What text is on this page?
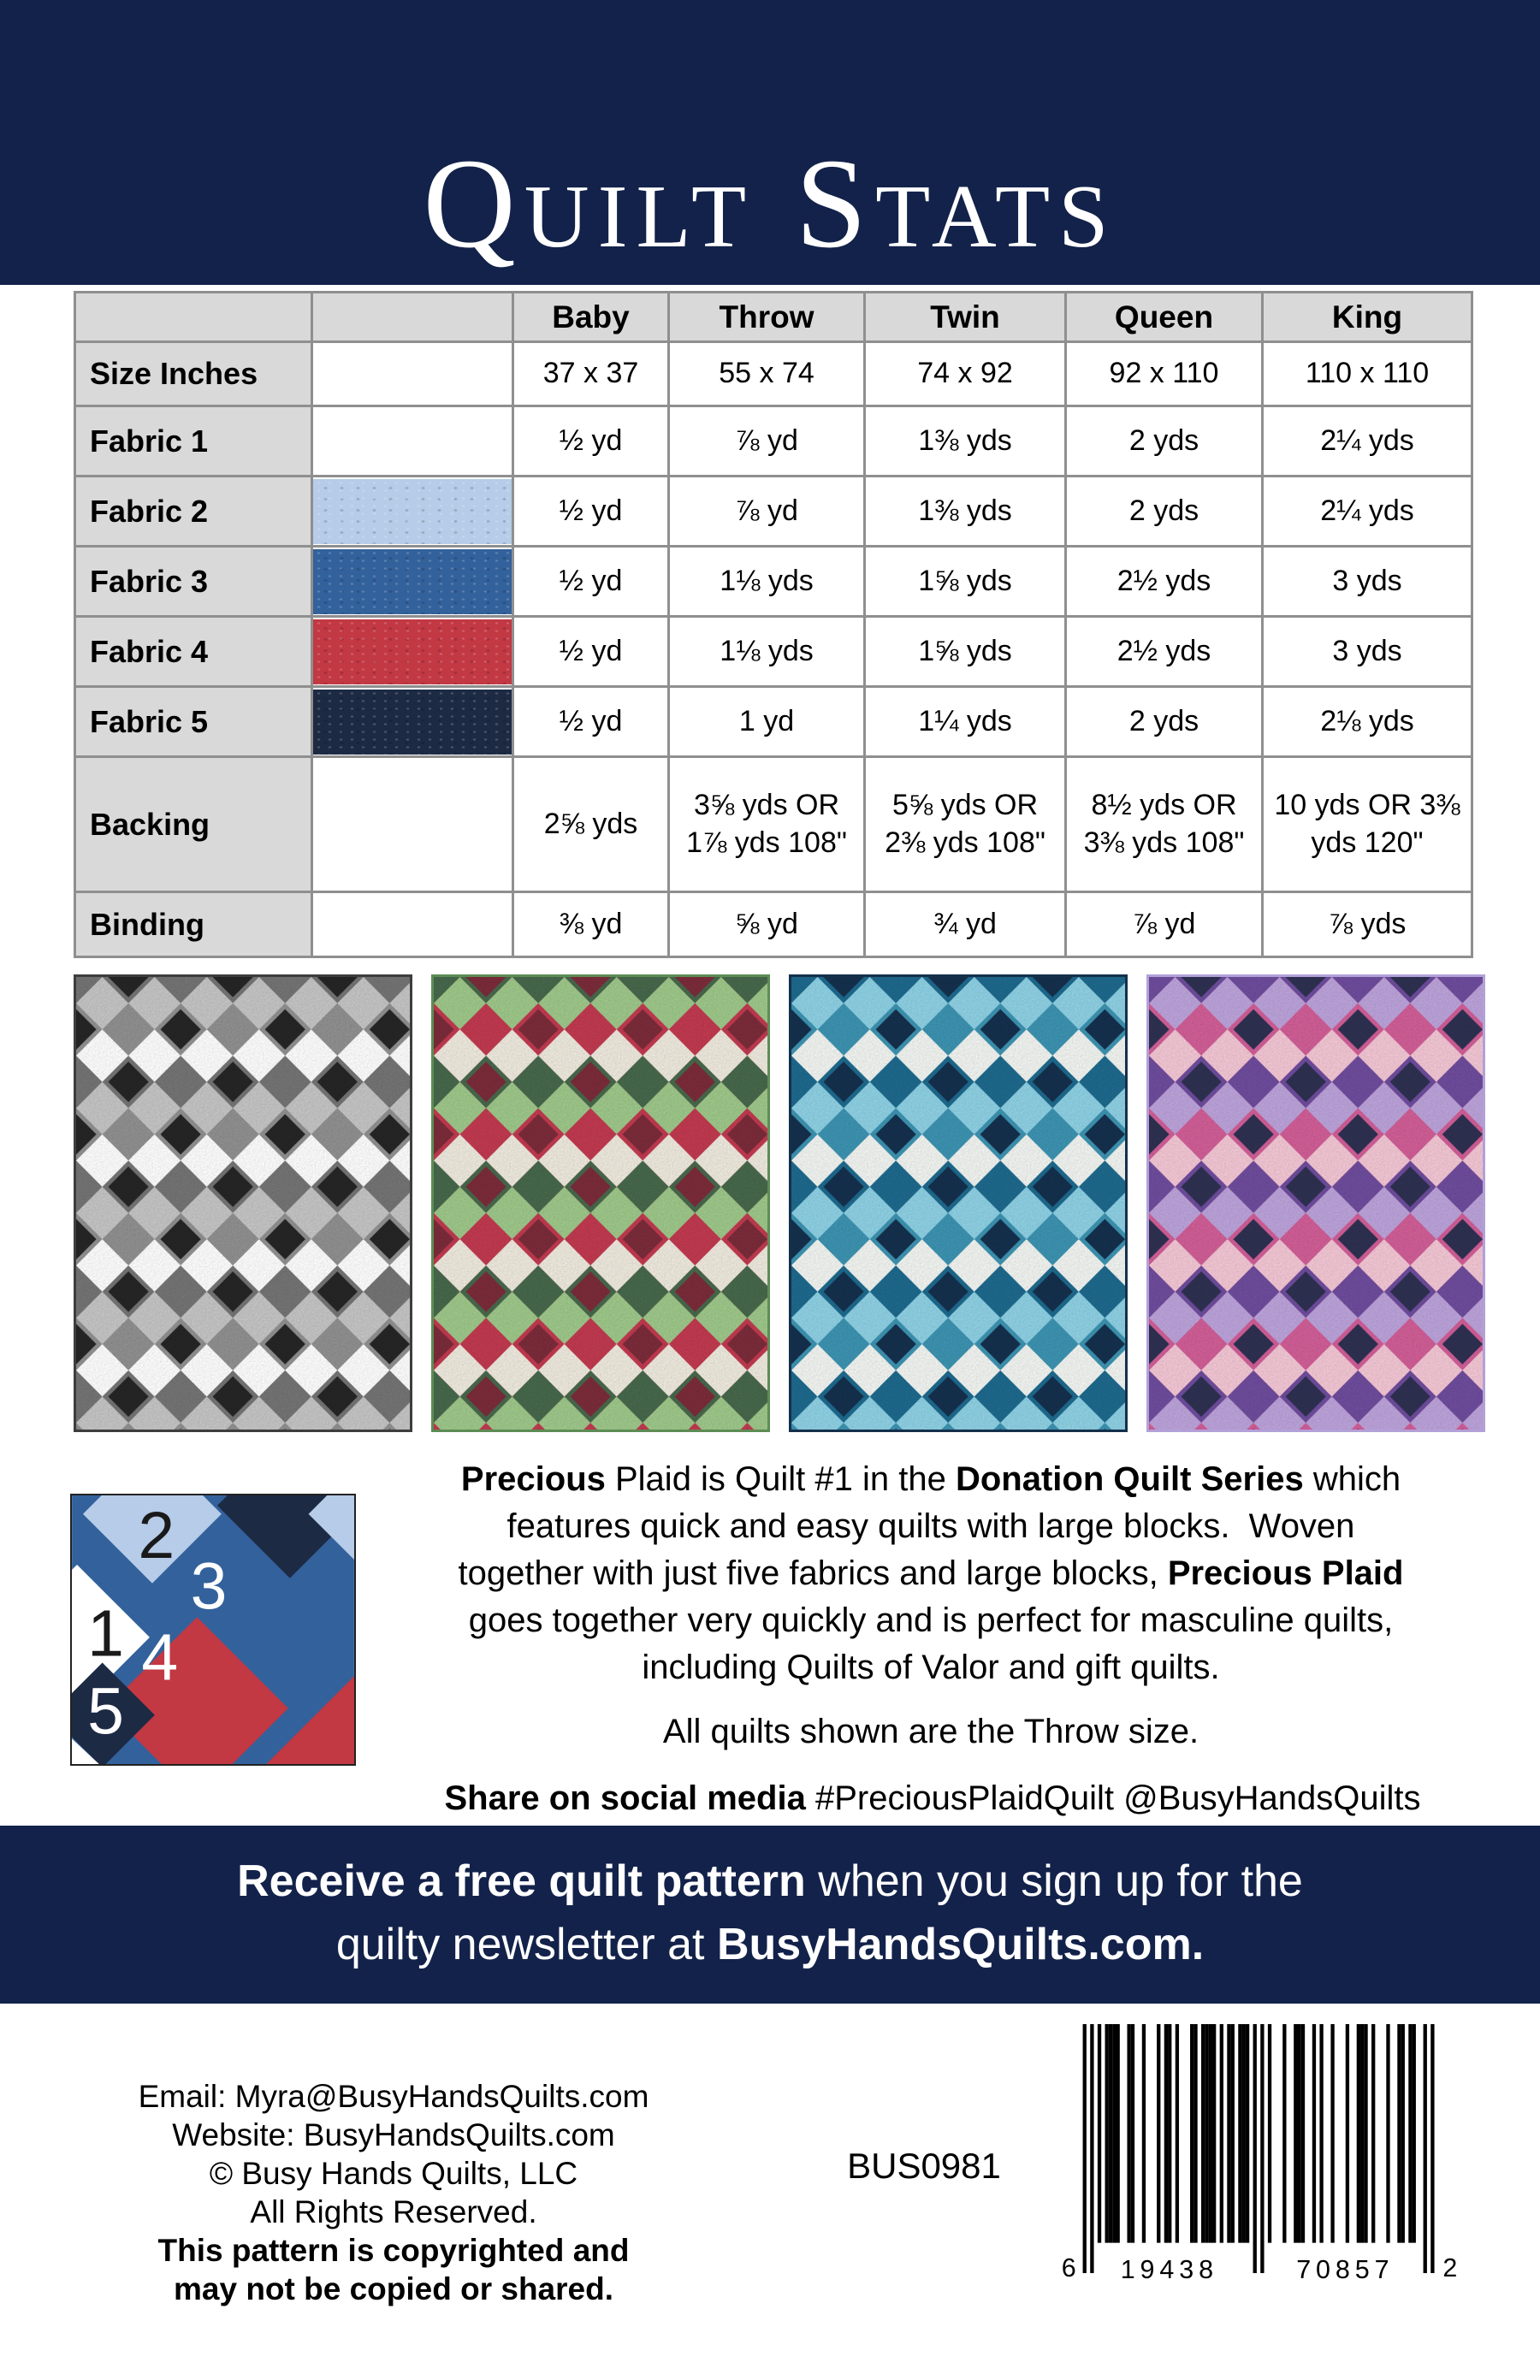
Quilt Stats
		Baby	Throw	Twin	Queen	King
Size Inches		37 x 37	55 x 74	74 x 92	92 x 110	110 x 110
Fabric 1		½ yd	⅞ yd	1⅜ yds	2 yds	2¼ yds
Fabric 2		½ yd	⅞ yd	1⅜ yds	2 yds	2¼ yds
Fabric 3		½ yd	1⅛ yds	1⅝ yds	2½ yds	3 yds
Fabric 4		½ yd	1⅛ yds	1⅝ yds	2½ yds	3 yds
Fabric 5		½ yd	1 yd	1¼ yds	2 yds	2⅛ yds
Backing		2⅝ yds	3⅝ yds OR 1⅞ yds 108"	5⅝ yds OR 2⅜ yds 108"	8½ yds OR 3⅜ yds 108"	10 yds OR 3⅜ yds 120"
Binding		⅜ yd	⅝ yd	¾ yd	⅞ yd	⅞ yds
1
2
3
4
5
Precious Plaid is Quilt #1 in the Donation Quilt Series which
features quick and easy quilts with large blocks.  Woven
together with just five fabrics and large blocks, Precious Plaid
goes together very quickly and is perfect for masculine quilts,
including Quilts of Valor and gift quilts.
All quilts shown are the Throw size.
Share on social media #PreciousPlaidQuilt @BusyHandsQuilts
Receive a free quilt pattern when you sign up for the
quilty newsletter at BusyHandsQuilts.com.
Email: Myra@BusyHandsQuilts.com
Website: BusyHandsQuilts.com
© Busy Hands Quilts, LLC
All Rights Reserved.
This pattern is copyrighted and
may not be copied or shared.
BUS0981
6 19438	70857 2
